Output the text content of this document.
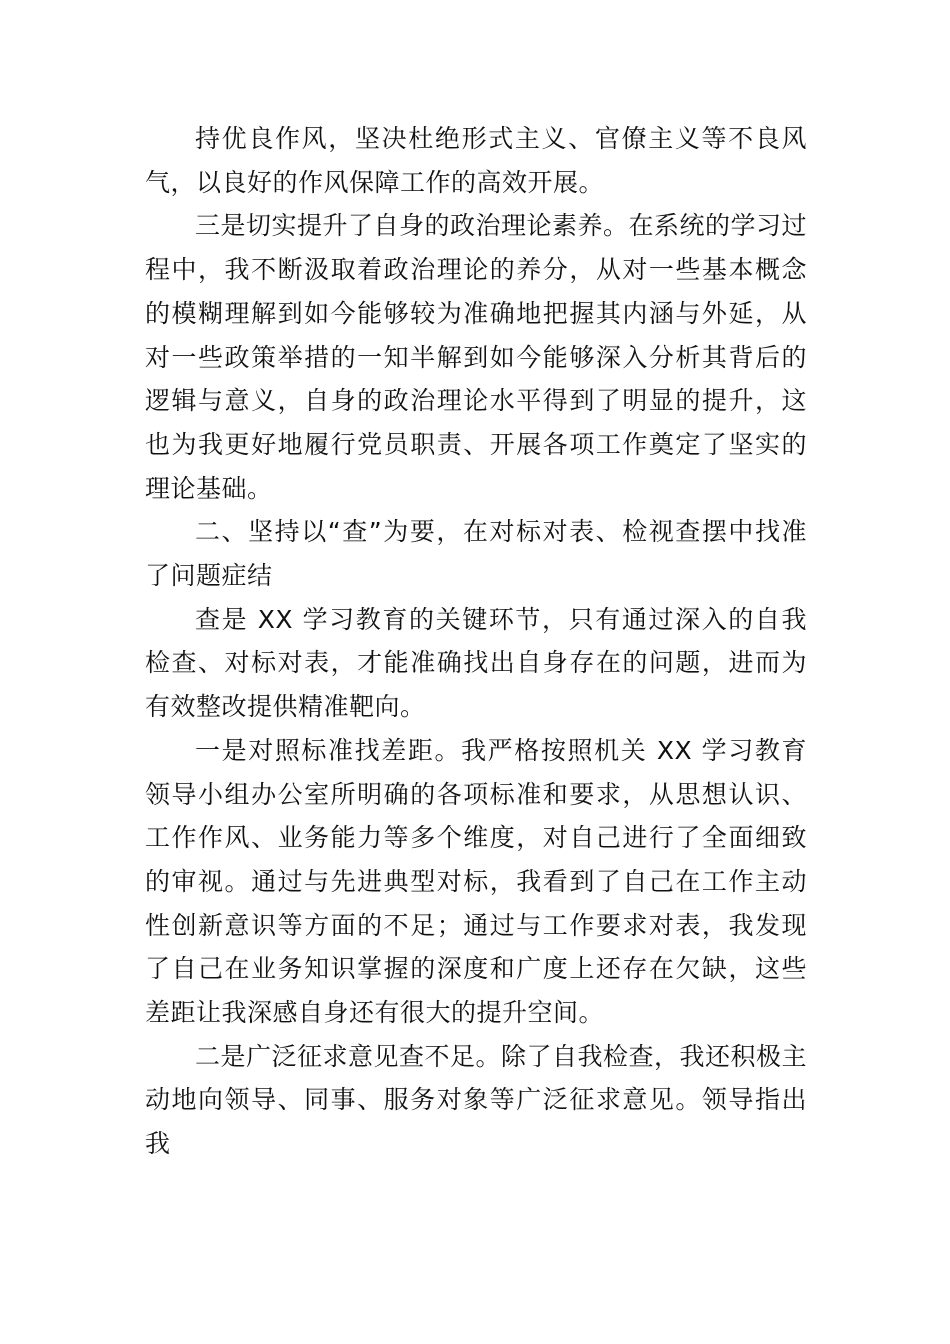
持优良作风，坚决杜绝形式主义、官僚主义等不良风气，以良好的作风保障工作的高效开展。

三是切实提升了自身的政治理论素养。在系统的学习过程中，我不断汲取着政治理论的养分，从对一些基本概念的模糊理解到如今能够较为准确地把握其内涵与外延，从对一些政策举措的一知半解到如今能够深入分析其背后的逻辑与意义，自身的政治理论水平得到了明显的提升，这也为我更好地履行党员职责、开展各项工作奠定了坚实的理论基础。

二、坚持以“查”为要，在对标对表、检视查摆中找准了问题症结

查是 XX 学习教育的关键环节，只有通过深入的自我检查、对标对表，才能准确找出自身存在的问题，进而为有效整改提供精准靶向。

一是对照标准找差距。我严格按照机关 XX 学习教育领导小组办公室所明确的各项标准和要求，从思想认识、工作作风、业务能力等多个维度，对自己进行了全面细致的审视。通过与先进典型对标，我看到了自己在工作主动性创新意识等方面的不足；通过与工作要求对表，我发现了自己在业务知识掌握的深度和广度上还存在欠缺，这些差距让我深感自身还有很大的提升空间。

二是广泛征求意见查不足。除了自我检查，我还积极主动地向领导、同事、服务对象等广泛征求意见。领导指出我
